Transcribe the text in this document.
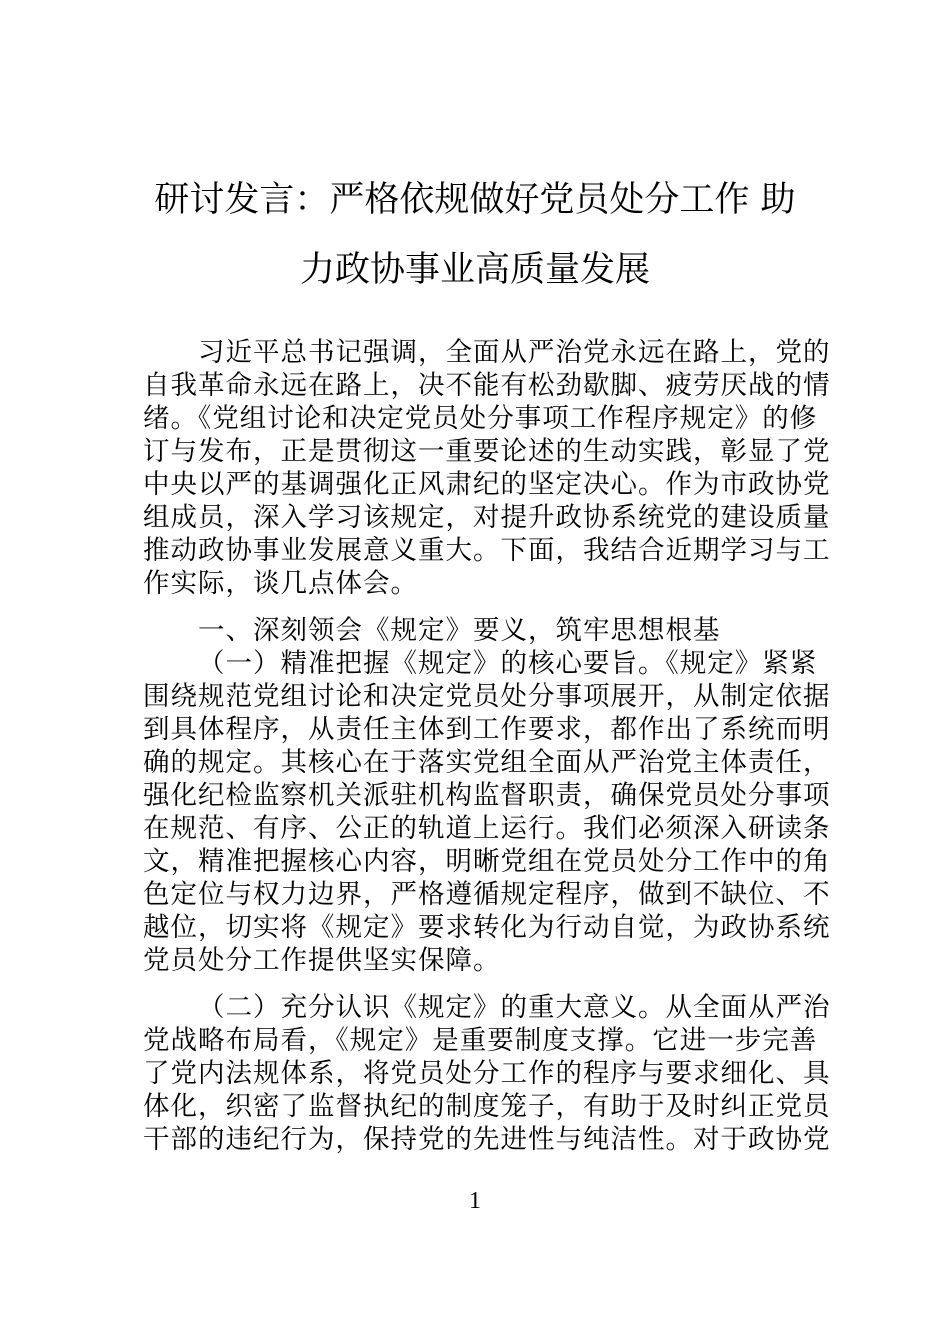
研讨发言：严格依规做好党员处分工作 助
力政协事业高质量发展
习近平总书记强调，全面从严治党永远在路上，党的
自我革命永远在路上，决不能有松劲歇脚、疲劳厌战的情
绪。《党组讨论和决定党员处分事项工作程序规定》的修
订与发布，正是贯彻这一重要论述的生动实践，彰显了党
中央以严的基调强化正风肃纪的坚定决心。作为市政协党
组成员，深入学习该规定，对提升政协系统党的建设质量
推动政协事业发展意义重大。下面，我结合近期学习与工
作实际，谈几点体会。
一、深刻领会《规定》要义，筑牢思想根基
（一）精准把握《规定》的核心要旨。《规定》紧紧
围绕规范党组讨论和决定党员处分事项展开，从制定依据
到具体程序，从责任主体到工作要求，都作出了系统而明
确的规定。其核心在于落实党组全面从严治党主体责任，
强化纪检监察机关派驻机构监督职责，确保党员处分事项
在规范、有序、公正的轨道上运行。我们必须深入研读条
文，精准把握核心内容，明晰党组在党员处分工作中的角
色定位与权力边界，严格遵循规定程序，做到不缺位、不
越位，切实将《规定》要求转化为行动自觉，为政协系统
党员处分工作提供坚实保障。
（二）充分认识《规定》的重大意义。从全面从严治
党战略布局看，《规定》是重要制度支撑。它进一步完善
了党内法规体系，将党员处分工作的程序与要求细化、具
体化，织密了监督执纪的制度笼子，有助于及时纠正党员
干部的违纪行为，保持党的先进性与纯洁性。对于政协党
1
